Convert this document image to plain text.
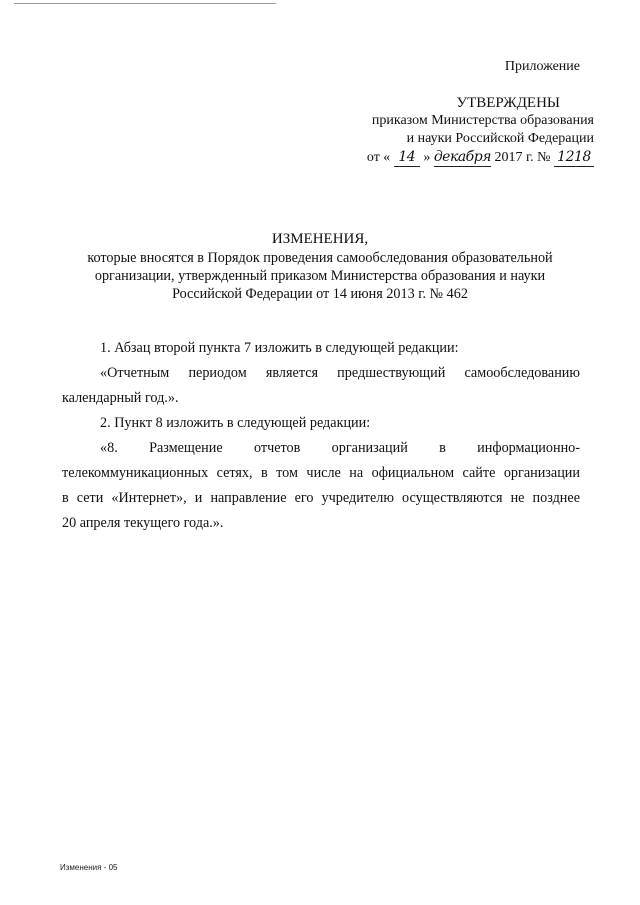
Приложение
УТВЕРЖДЕНЫ
приказом Министерства образования
и науки Российской Федерации
от « 14 » декабря 2017 г. № 1218
ИЗМЕНЕНИЯ,
которые вносятся в Порядок проведения самообследования образовательной
организации, утвержденный приказом Министерства образования и науки
Российской Федерации от 14 июня 2013 г. № 462
1. Абзац второй пункта 7 изложить в следующей редакции:
«Отчетным периодом является предшествующий самообследованию
календарный год.».
2. Пункт 8 изложить в следующей редакции:
«8. Размещение отчетов организаций в информационно-
телекоммуникационных сетях, в том числе на официальном сайте организации
в сети «Интернет», и направление его учредителю осуществляются не позднее
20 апреля текущего года.».
Изменения - 05
